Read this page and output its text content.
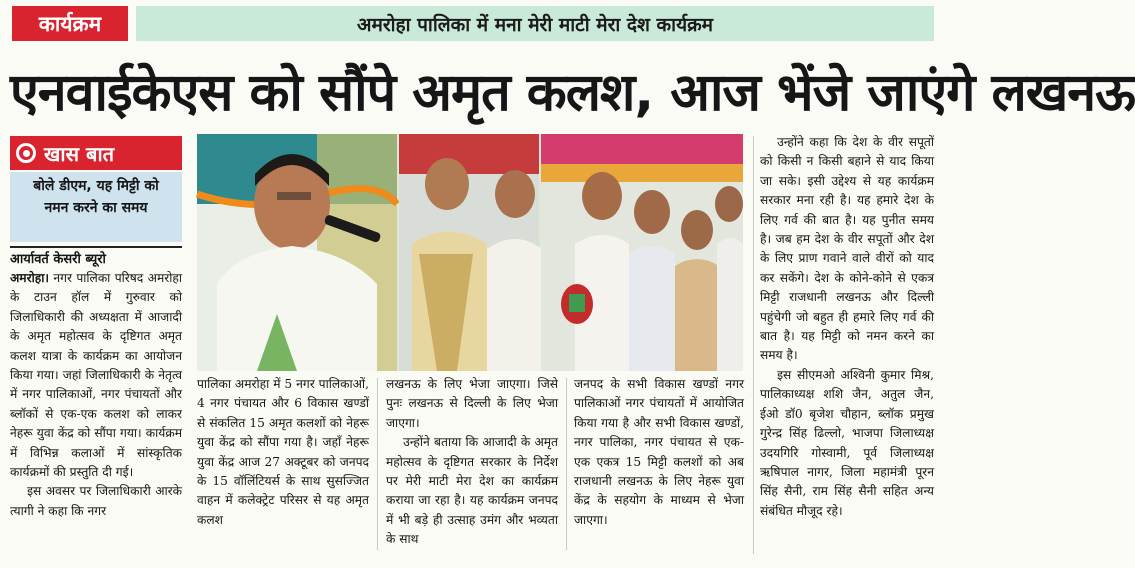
कार्यक्रम	अमरोहा पालिका में मना मेरी माटी मेरा देश कार्यक्रम
एनवाईकेएस को सौंपे अमृत कलश, आज भेंजे जाएंगे लखनऊ
खास बात
बोले डीएम, यह मिट्टी को नमन करने का समय
आर्यावर्त केसरी ब्यूरो

अमरोहा। नगर पालिका परिषद अमरोहा के टाउन हॉल में गुरुवार को जिलाधिकारी की अध्यक्षता में आजादी के अमृत महोत्सव के दृष्टिगत अमृत कलश यात्रा के कार्यक्रम का आयोजन किया गया। जहां जिलाधिकारी के नेतृत्व में नगर पालिकाओं, नगर पंचायतों और ब्लॉकों से एक-एक कलश को लाकर नेहरू युवा केंद्र को सौंपा गया। कार्यक्रम में विभिन्न कलाओं में सांस्कृतिक कार्यक्रमों की प्रस्तुति दी गई।

इस अवसर पर जिलाधिकारी आरके त्यागी ने कहा कि नगर

पालिका अमरोहा में 5 नगर पालिकाओं, 4 नगर पंचायत और 6 विकास खण्डों से संकलित 15 अमृत कलशों को नेहरू युवा केंद्र को सौंपा गया है। जहाँ नेहरू युवा केंद्र आज 27 अक्टूबर को जनपद के 15 वॉलिंटियर्स के साथ सुसज्जित वाहन में कलेक्ट्रेट परिसर से यह अमृत कलश

लखनऊ के लिए भेजा जाएगा। जिसे पुनः लखनऊ से दिल्ली के लिए भेजा जाएगा।

उन्होंने बताया कि आजादी के अमृत महोत्सव के दृष्टिगत सरकार के निर्देश पर मेरी माटी मेरा देश का कार्यक्रम कराया जा रहा है। यह कार्यक्रम जनपद में भी बड़े ही उत्साह उमंग और भव्यता के साथ

जनपद के सभी विकास खण्डों नगर पालिकाओं नगर पंचायतों में आयोजित किया गया है और सभी विकास खण्डों, नगर पालिका, नगर पंचायत से एक-एक एकत्र 15 मिट्टी कलशों को अब राजधानी लखनऊ के लिए नेहरू युवा केंद्र के सहयोग के माध्यम से भेजा जाएगा।

उन्होंने कहा कि देश के वीर सपूतों को किसी न किसी बहाने से याद किया जा सके। इसी उद्देश्य से यह कार्यक्रम सरकार मना रही है। यह हमारे देश के लिए गर्व की बात है। यह पुनीत समय है। जब हम देश के वीर सपूतों और देश के लिए प्राण गवाने वाले वीरों को याद कर सकेंगे। देश के कोने-कोने से एकत्र मिट्टी राजधानी लखनऊ और दिल्ली पहुंचेगी जो बहुत ही हमारे लिए गर्व की बात है। यह मिट्टी को नमन करने का समय है।

इस सीएमओ अश्विनी कुमार मिश्र, पालिकाध्यक्ष शशि जैन, अतुल जैन, ईओ डॉ0 बृजेश चौहान, ब्लॉक प्रमुख गुरेन्द्र सिंह ढिल्लो, भाजपा जिलाध्यक्ष उदयगिरि गोस्वामी, पूर्व जिलाध्यक्ष ऋषिपाल नागर, जिला महामंत्री पूरन सिंह सैनी, राम सिंह सैनी सहित अन्य संबंधित मौजूद रहे।
